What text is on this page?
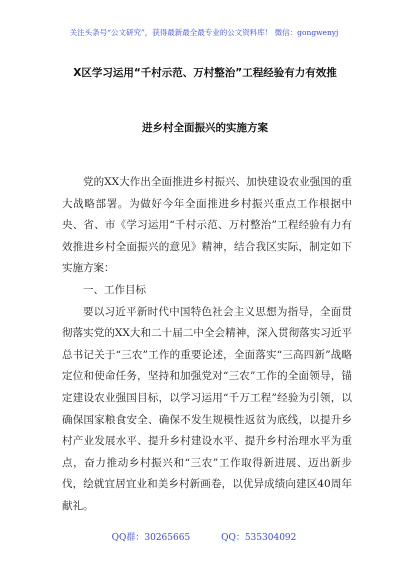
关注头条号“公文研究”，获得最新最全最专业的公文资料库！ 微信：gongwenyj
X区学习运用“千村示范、万村整治”工程经验有力有效推
进乡村全面振兴的实施方案

党的XX大作出全面推进乡村振兴、加快建设农业强国的重大战略部署。为做好今年全面推进乡村振兴重点工作根据中央、省、市《学习运用“千村示范、万村整治”工程经验有力有效推进乡村全面振兴的意见》精神，结合我区实际，制定如下实施方案：

一、工作目标

要以习近平新时代中国特色社会主义思想为指导，全面贯彻落实党的XX大和二十届二中全会精神，深入贯彻落实习近平总书记关于“三农”工作的重要论述，全面落实“三高四新”战略定位和使命任务，坚持和加强党对“三农”工作的全面领导，锚定建设农业强国目标，以学习运用“千万工程”经验为引领，以确保国家粮食安全、确保不发生规模性返贫为底线，以提升乡村产业发展水平、提升乡村建设水平、提升乡村治理水平为重点，奋力推动乡村振兴和“三农”工作取得新进展、迈出新步伐，绘就宜居宜业和美乡村新画卷，以优异成绩向建区40周年献礼。

QQ群：30265665	QQ：535304092
